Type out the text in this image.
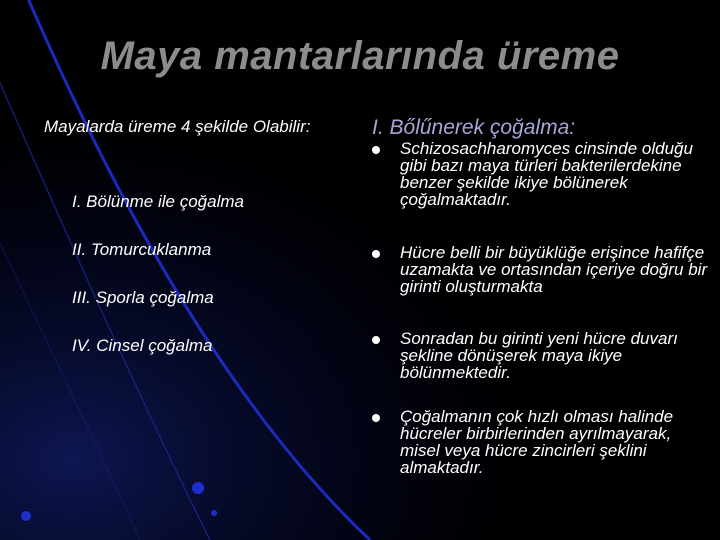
Maya mantarlarında üreme
Mayalarda üreme 4 şekilde Olabilir:
I. Bölünme ile çoğalma
II. Tomurcuklanma
III. Sporla çoğalma
IV. Cinsel çoğalma
I. Bőlűnerek çoğalma:
Schizosachharomyces cinsinde olduğu gibi bazı maya türleri bakterilerdekine benzer şekilde ikiye bölünerek çoğalmaktadır.
Hücre belli bir büyüklüğe erişince hafifçe uzamakta ve ortasından içeriye doğru bir girinti oluşturmakta
Sonradan bu girinti yeni hücre duvarı şekline dönüşerek maya ikiye bölünmektedir.
Çoğalmanın çok hızlı olması halinde hücreler birbirlerinden ayrılmayarak, misel veya hücre zincirleri şeklini almaktadır.
